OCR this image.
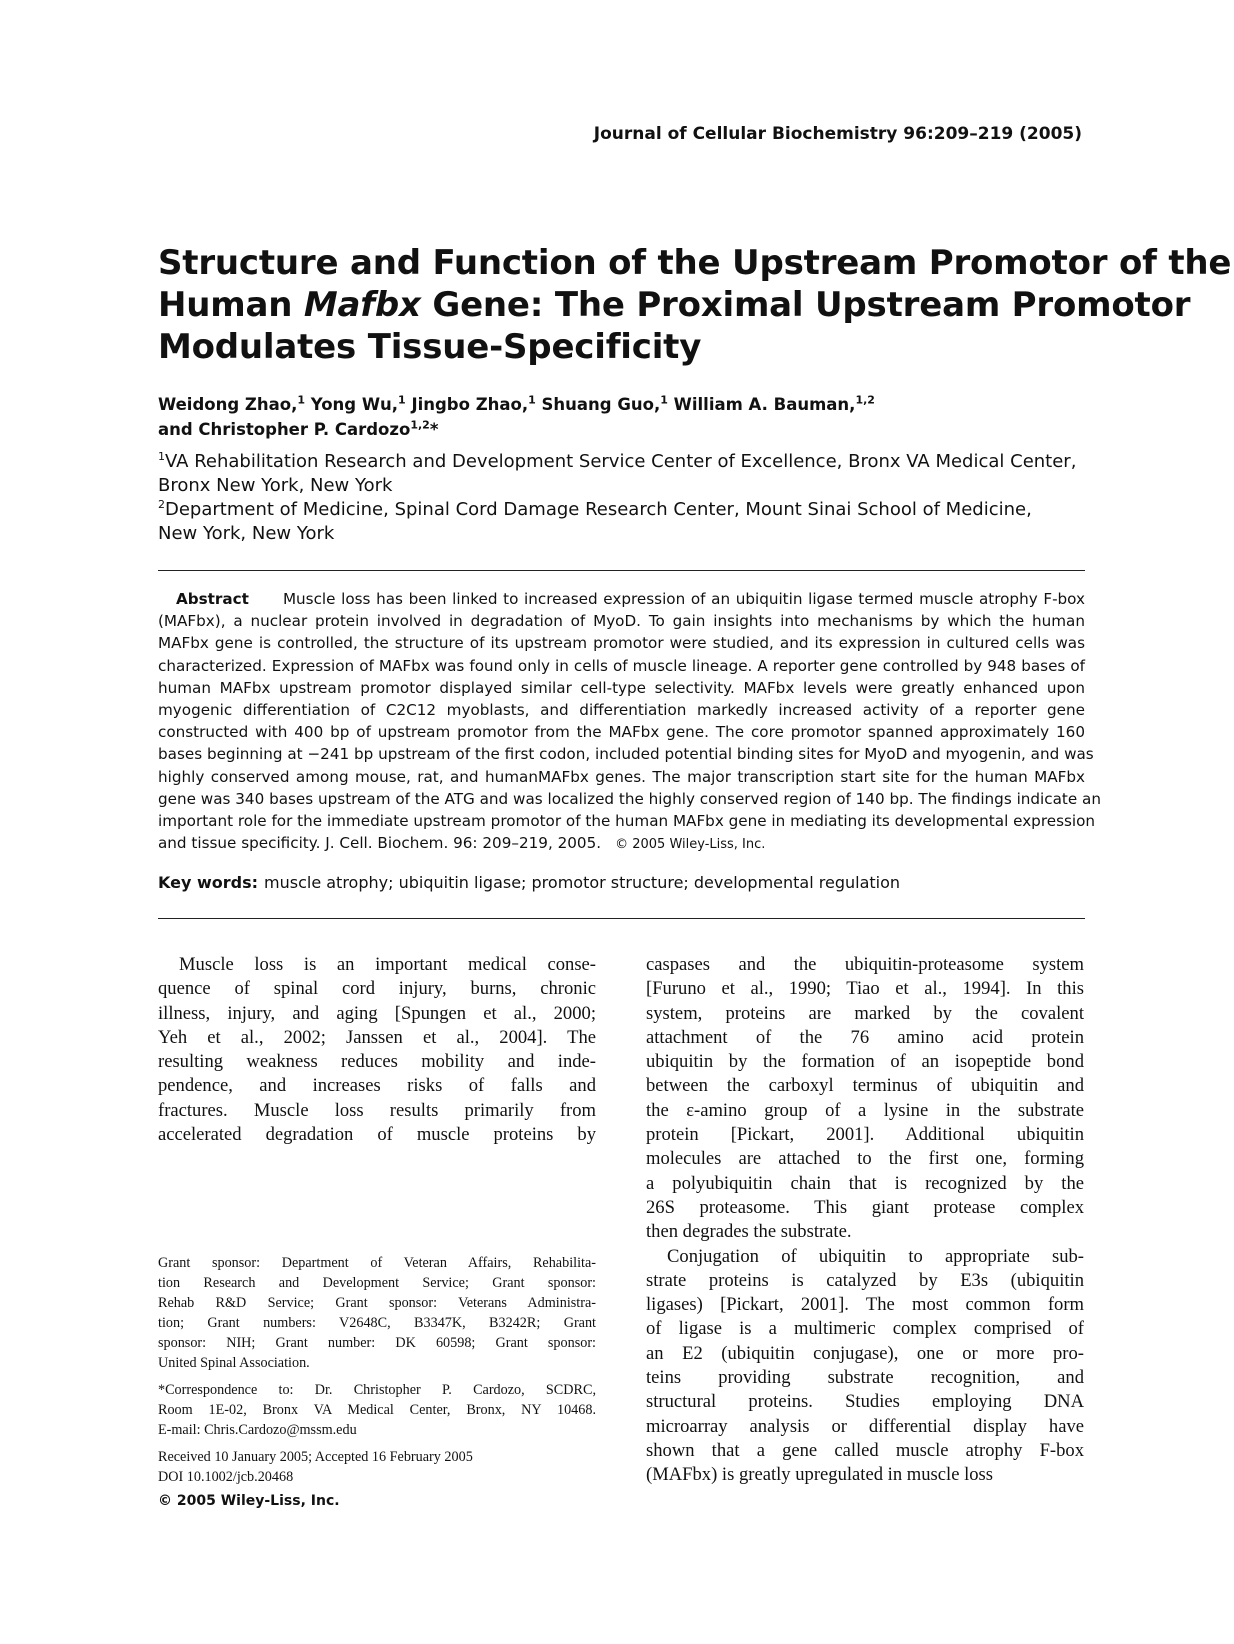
Journal of Cellular Biochemistry 96:209–219 (2005)
Structure and Function of the Upstream Promotor of the
Human Mafbx Gene: The Proximal Upstream Promotor
Modulates Tissue-Specificity
Weidong Zhao,$^1$ Yong Wu,$^1$ Jingbo Zhao,$^1$ Shuang Guo,$^1$ William A. Bauman,$^{1,2}$
and Christopher P. Cardozo$^{1,2}$*
$^1$VA Rehabilitation Research and Development Service Center of Excellence, Bronx VA Medical Center,
Bronx New York, New York
$^2$Department of Medicine, Spinal Cord Damage Research Center, Mount Sinai School of Medicine,
New York, New York
Abstract Muscle loss has been linked to increased expression of an ubiquitin ligase termed muscle atrophy F-box
(MAFbx), a nuclear protein involved in degradation of MyoD. To gain insights into mechanisms by which the human
MAFbx gene is controlled, the structure of its upstream promotor were studied, and its expression in cultured cells was
characterized. Expression of MAFbx was found only in cells of muscle lineage. A reporter gene controlled by 948 bases of
human MAFbx upstream promotor displayed similar cell-type selectivity. MAFbx levels were greatly enhanced upon
myogenic differentiation of C2C12 myoblasts, and differentiation markedly increased activity of a reporter gene
constructed with 400 bp of upstream promotor from the MAFbx gene. The core promotor spanned approximately 160
bases beginning at −241 bp upstream of the first codon, included potential binding sites for MyoD and myogenin, and was
highly conserved among mouse, rat, and humanMAFbx genes. The major transcription start site for the human MAFbx
gene was 340 bases upstream of the ATG and was localized the highly conserved region of 140 bp. The findings indicate an
important role for the immediate upstream promotor of the human MAFbx gene in mediating its developmental expression
and tissue specificity. J. Cell. Biochem. 96: 209–219, 2005. © 2005 Wiley-Liss, Inc.
Key words: muscle atrophy; ubiquitin ligase; promotor structure; developmental regulation
Muscle loss is an important medical conse-
quence of spinal cord injury, burns, chronic
illness, injury, and aging [Spungen et al., 2000;
Yeh et al., 2002; Janssen et al., 2004]. The
resulting weakness reduces mobility and inde-
pendence, and increases risks of falls and
fractures. Muscle loss results primarily from
accelerated degradation of muscle proteins by
Grant sponsor: Department of Veteran Affairs, Rehabilita-
tion Research and Development Service; Grant sponsor:
Rehab R&D Service; Grant sponsor: Veterans Administra-
tion; Grant numbers: V2648C, B3347K, B3242R; Grant
sponsor: NIH; Grant number: DK 60598; Grant sponsor:
United Spinal Association.
*Correspondence to: Dr. Christopher P. Cardozo, SCDRC,
Room 1E-02, Bronx VA Medical Center, Bronx, NY 10468.
E-mail: Chris.Cardozo@mssm.edu
Received 10 January 2005; Accepted 16 February 2005
DOI 10.1002/jcb.20468
© 2005 Wiley-Liss, Inc.
caspases and the ubiquitin-proteasome system
[Furuno et al., 1990; Tiao et al., 1994]. In this
system, proteins are marked by the covalent
attachment of the 76 amino acid protein
ubiquitin by the formation of an isopeptide bond
between the carboxyl terminus of ubiquitin and
the ε-amino group of a lysine in the substrate
protein [Pickart, 2001]. Additional ubiquitin
molecules are attached to the first one, forming
a polyubiquitin chain that is recognized by the
26S proteasome. This giant protease complex
then degrades the substrate.
Conjugation of ubiquitin to appropriate sub-
strate proteins is catalyzed by E3s (ubiquitin
ligases) [Pickart, 2001]. The most common form
of ligase is a multimeric complex comprised of
an E2 (ubiquitin conjugase), one or more pro-
teins providing substrate recognition, and
structural proteins. Studies employing DNA
microarray analysis or differential display have
shown that a gene called muscle atrophy F-box
(MAFbx) is greatly upregulated in muscle loss
